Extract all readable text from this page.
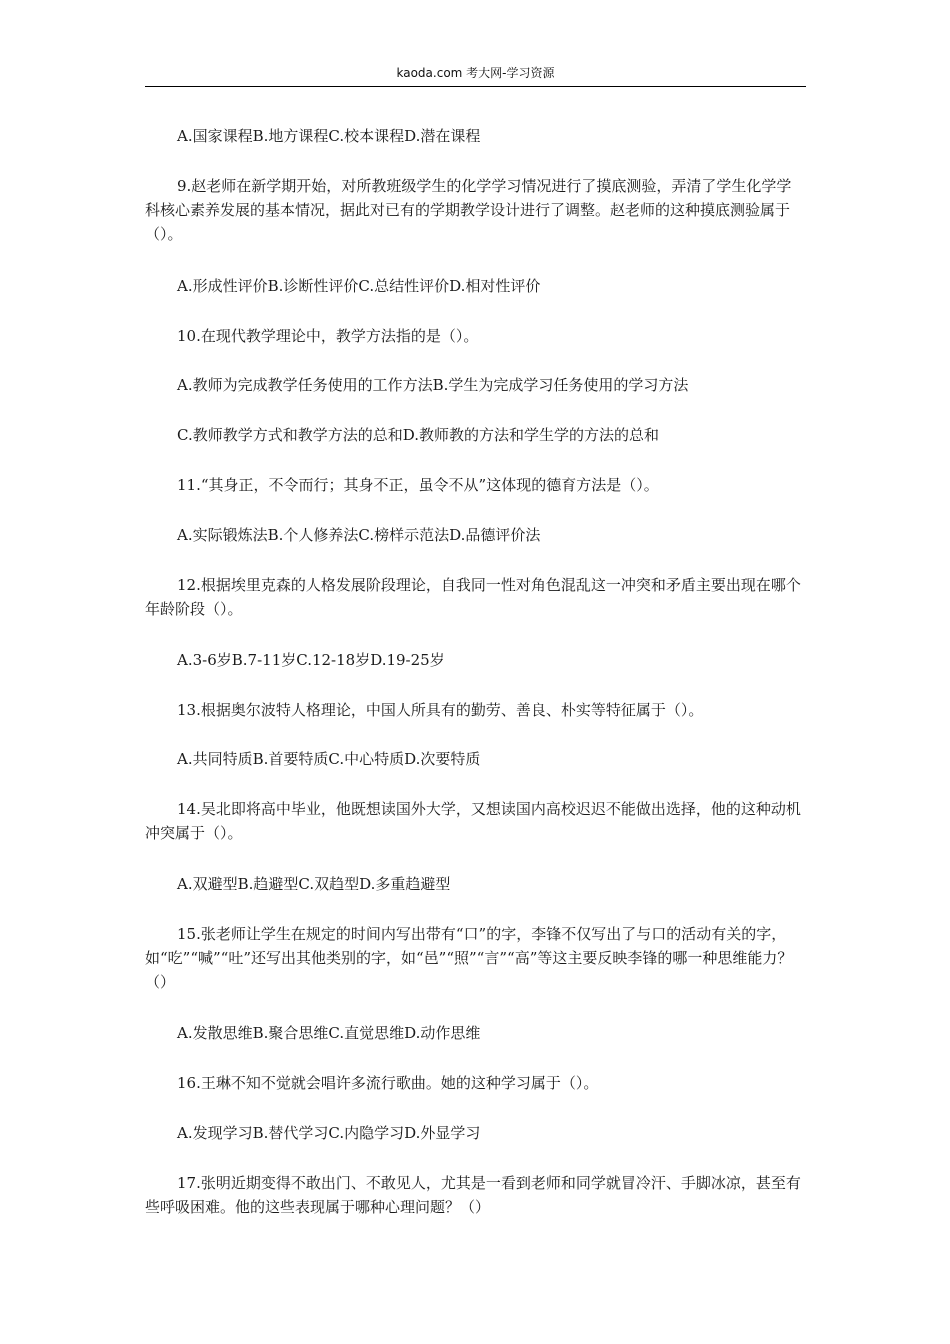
kaoda.com 考大网-学习资源

A.国家课程B.地方课程C.校本课程D.潜在课程

9.赵老师在新学期开始，对所教班级学生的化学学习情况进行了摸底测验，弄清了学生化学学科核心素养发展的基本情况，据此对已有的学期教学设计进行了调整。赵老师的这种摸底测验属于（）。

A.形成性评价B.诊断性评价C.总结性评价D.相对性评价

10.在现代教学理论中，教学方法指的是（）。

A.教师为完成教学任务使用的工作方法B.学生为完成学习任务使用的学习方法

C.教师教学方式和教学方法的总和D.教师教的方法和学生学的方法的总和

11.“其身正，不令而行；其身不正，虽令不从”这体现的德育方法是（）。

A.实际锻炼法B.个人修养法C.榜样示范法D.品德评价法

12.根据埃里克森的人格发展阶段理论，自我同一性对角色混乱这一冲突和矛盾主要出现在哪个年龄阶段（）。

A.3-6岁B.7-11岁C.12-18岁D.19-25岁

13.根据奥尔波特人格理论，中国人所具有的勤劳、善良、朴实等特征属于（）。

A.共同特质B.首要特质C.中心特质D.次要特质

14.吴北即将高中毕业，他既想读国外大学，又想读国内高校迟迟不能做出选择，他的这种动机冲突属于（）。

A.双避型B.趋避型C.双趋型D.多重趋避型

15.张老师让学生在规定的时间内写出带有“口”的字，李锋不仅写出了与口的活动有关的字，如“吃”“喊”“吐”还写出其他类别的字，如“邑”“照”“言”“高”等这主要反映李锋的哪一种思维能力？（）

A.发散思维B.聚合思维C.直觉思维D.动作思维

16.王琳不知不觉就会唱许多流行歌曲。她的这种学习属于（）。

A.发现学习B.替代学习C.内隐学习D.外显学习

17.张明近期变得不敢出门、不敢见人，尤其是一看到老师和同学就冒冷汗、手脚冰凉，甚至有些呼吸困难。他的这些表现属于哪种心理问题？（）
